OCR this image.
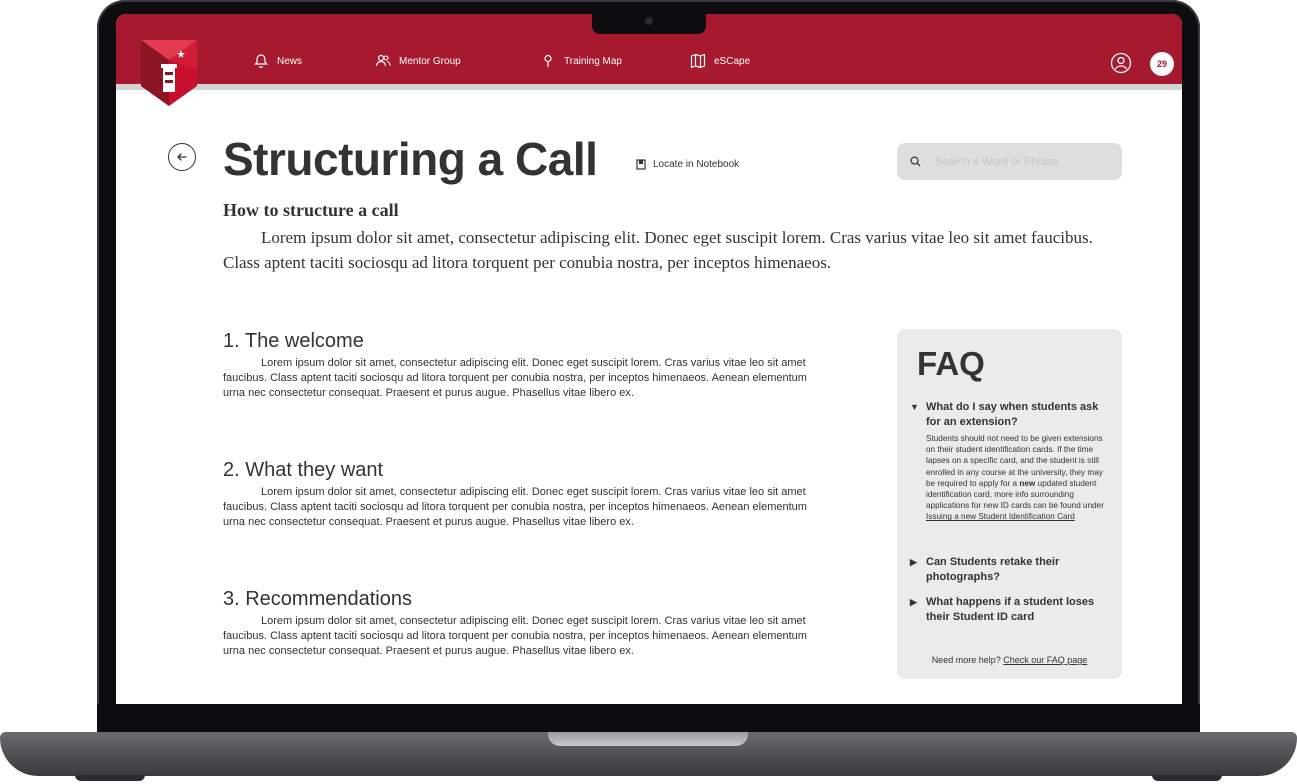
News	Mentor Group	Training Map	eSCape	29
Structuring a Call	Locate in Notebook
Search a Word or Phrase
How to structure a call

Lorem ipsum dolor sit amet, consectetur adipiscing elit. Donec eget suscipit lorem. Cras varius vitae leo sit amet faucibus. Class aptent taciti sociosqu ad litora torquent per conubia nostra, per inceptos himenaeos.

1. The welcome

Lorem ipsum dolor sit amet, consectetur adipiscing elit. Donec eget suscipit lorem. Cras varius vitae leo sit amet faucibus. Class aptent taciti sociosqu ad litora torquent per conubia nostra, per inceptos himenaeos. Aenean elementum urna nec consectetur consequat. Praesent et purus augue. Phasellus vitae libero ex.

2. What they want

Lorem ipsum dolor sit amet, consectetur adipiscing elit. Donec eget suscipit lorem. Cras varius vitae leo sit amet faucibus. Class aptent taciti sociosqu ad litora torquent per conubia nostra, per inceptos himenaeos. Aenean elementum urna nec consectetur consequat. Praesent et purus augue. Phasellus vitae libero ex.

3. Recommendations

Lorem ipsum dolor sit amet, consectetur adipiscing elit. Donec eget suscipit lorem. Cras varius vitae leo sit amet faucibus. Class aptent taciti sociosqu ad litora torquent per conubia nostra, per inceptos himenaeos. Aenean elementum urna nec consectetur consequat. Praesent et purus augue. Phasellus vitae libero ex.

FAQ
▼ What do I say when students ask for an extension?
Students should not need to be given extensions on their student identification cards. If the time lapses on a specific card, and the student is still enrolled in any course at the university, they may be required to apply for a new updated student identification card, more info surrounding applications for new ID cards can be found under Issuing a new Student Identification Card
▶ Can Students retake their photographs?
▶ What happens if a student loses their Student ID card
Need more help? Check our FAQ page
